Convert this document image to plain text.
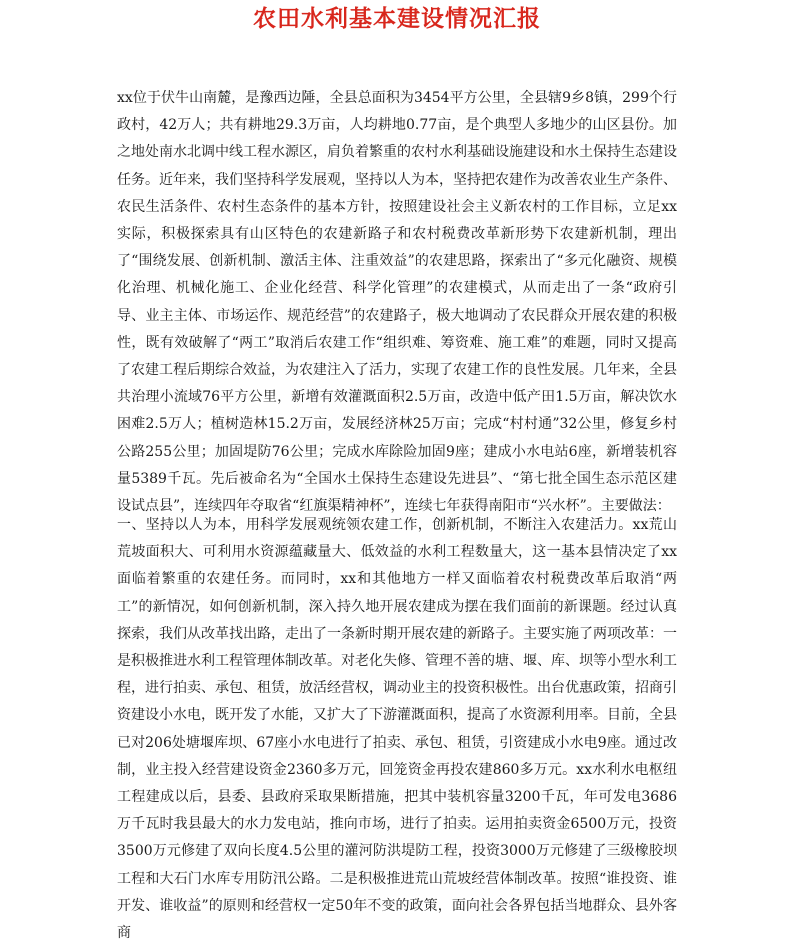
农田水利基本建设情况汇报

xx位于伏牛山南麓，是豫西边陲，全县总面积为3454平方公里，全县辖9乡8镇，299个行政村，42万人；共有耕地29.3万亩，人均耕地0.77亩，是个典型人多地少的山区县份。加之地处南水北调中线工程水源区，肩负着繁重的农村水利基础设施建设和水土保持生态建设任务。近年来，我们坚持科学发展观，坚持以人为本，坚持把农建作为改善农业生产条件、农民生活条件、农村生态条件的基本方针，按照建设社会主义新农村的工作目标，立足xx实际，积极探索具有山区特色的农建新路子和农村税费改革新形势下农建新机制，理出了“围绕发展、创新机制、激活主体、注重效益”的农建思路，探索出了“多元化融资、规模化治理、机械化施工、企业化经营、科学化管理”的农建模式，从而走出了一条“政府引导、业主主体、市场运作、规范经营”的农建路子，极大地调动了农民群众开展农建的积极性，既有效破解了“两工”取消后农建工作“组织难、筹资难、施工难”的难题，同时又提高了农建工程后期综合效益，为农建注入了活力，实现了农建工作的良性发展。几年来，全县共治理小流域76平方公里，新增有效灌溉面积2.5万亩，改造中低产田1.5万亩，解决饮水困难2.5万人；植树造林15.2万亩，发展经济林25万亩；完成“村村通”32公里，修复乡村公路255公里；加固堤防76公里；完成水库除险加固9座；建成小水电站6座，新增装机容量5389千瓦。先后被命名为“全国水土保持生态建设先进县”、“第七批全国生态示范区建设试点县”，连续四年夺取省“红旗渠精神杯”，连续七年获得南阳市“兴水杯”。主要做法：

一、坚持以人为本，用科学发展观统领农建工作，创新机制，不断注入农建活力。xx荒山荒坡面积大、可利用水资源蕴藏量大、低效益的水利工程数量大，这一基本县情决定了xx面临着繁重的农建任务。而同时，xx和其他地方一样又面临着农村税费改革后取消“两工”的新情况，如何创新机制，深入持久地开展农建成为摆在我们面前的新课题。经过认真探索，我们从改革找出路，走出了一条新时期开展农建的新路子。主要实施了两项改革：一是积极推进水利工程管理体制改革。对老化失修、管理不善的塘、堰、库、坝等小型水利工程，进行拍卖、承包、租赁，放活经营权，调动业主的投资积极性。出台优惠政策，招商引资建设小水电，既开发了水能，又扩大了下游灌溉面积，提高了水资源利用率。目前，全县已对206处塘堰库坝、67座小水电进行了拍卖、承包、租赁，引资建成小水电9座。通过改制，业主投入经营建设资金2360多万元，回笼资金再投农建860多万元。xx水利水电枢纽工程建成以后，县委、县政府采取果断措施，把其中装机容量3200千瓦，年可发电3686万千瓦时我县最大的水力发电站，推向市场，进行了拍卖。运用拍卖资金6500万元，投资3500万元修建了双向长度4.5公里的灌河防洪堤防工程，投资3000万元修建了三级橡胶坝工程和大石门水库专用防汛公路。二是积极推进荒山荒坡经营体制改革。按照“谁投资、谁开发、谁收益”的原则和经营权一定50年不变的政策，面向社会各界包括当地群众、县外客商
